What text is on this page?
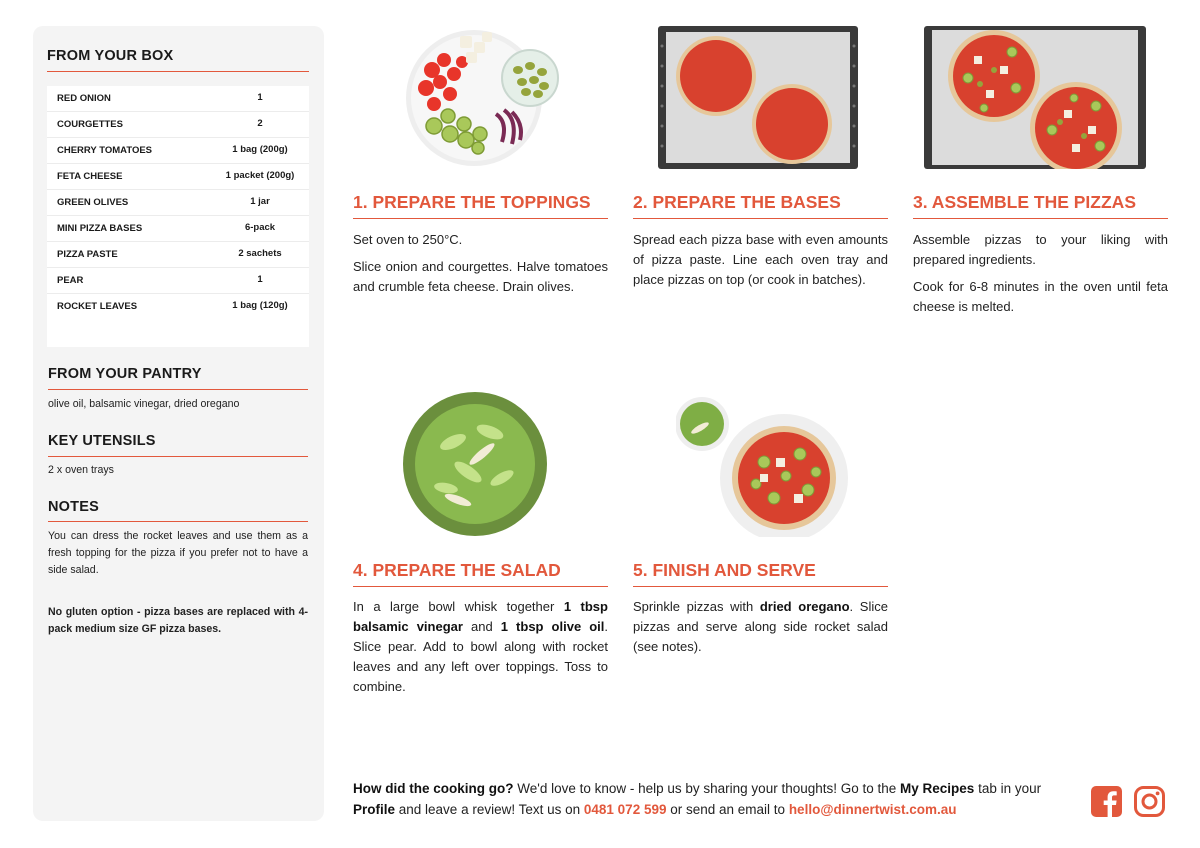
FROM YOUR BOX
RED ONION	1
COURGETTES	2
CHERRY TOMATOES	1 bag (200g)
FETA CHEESE	1 packet (200g)
GREEN OLIVES	1 jar
MINI PIZZA BASES	6-pack
PIZZA PASTE	2 sachets
PEAR	1
ROCKET LEAVES	1 bag (120g)
FROM YOUR PANTRY
olive oil, balsamic vinegar, dried oregano
KEY UTENSILS
2 x oven trays
NOTES
You can dress the rocket leaves and use them as a fresh topping for the pizza if you prefer not to have a side salad.
No gluten option - pizza bases are replaced with 4-pack medium size GF pizza bases.
1. PREPARE THE TOPPINGS

Set oven to 250°C.

Slice onion and courgettes. Halve tomatoes and crumble feta cheese. Drain olives.

2. PREPARE THE BASES

Spread each pizza base with even amounts of pizza paste. Line each oven tray and place pizzas on top (or cook in batches).

3. ASSEMBLE THE PIZZAS

Assemble pizzas to your liking with prepared ingredients.

Cook for 6-8 minutes in the oven until feta cheese is melted.

4. PREPARE THE SALAD

In a large bowl whisk together 1 tbsp balsamic vinegar and 1 tbsp olive oil. Slice pear. Add to bowl along with rocket leaves and any left over toppings. Toss to combine.

5. FINISH AND SERVE

Sprinkle pizzas with dried oregano. Slice pizzas and serve along side rocket salad (see notes).

How did the cooking go? We'd love to know - help us by sharing your thoughts! Go to the My Recipes tab in your Profile and leave a review! Text us on 0481 072 599 or send an email to hello@dinnertwist.com.au
